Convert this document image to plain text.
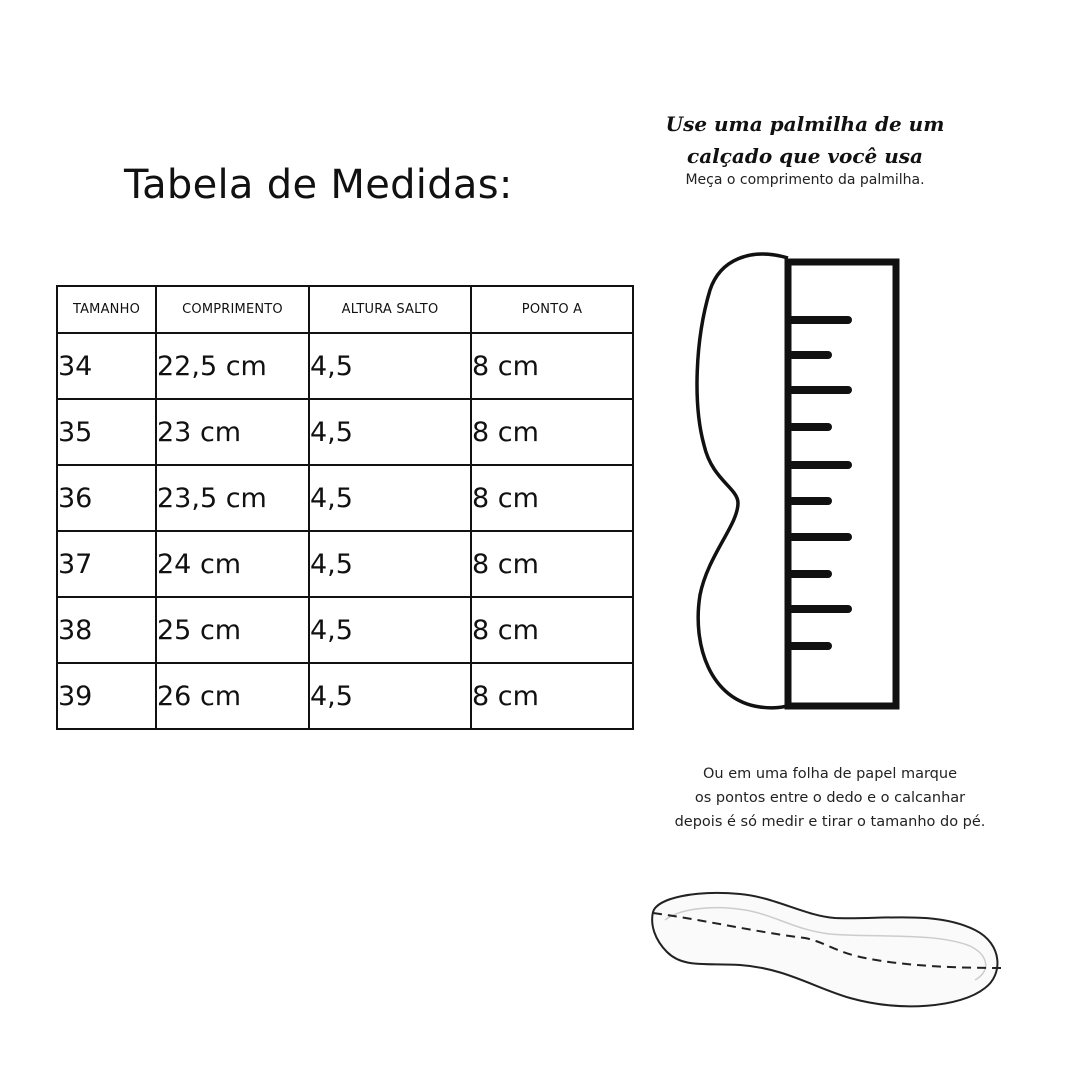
Tabela de Medidas:
TAMANHO	COMPRIMENTO	ALTURA SALTO	PONTO A
34	22,5 cm	4,5	8 cm
35	23 cm	4,5	8 cm
36	23,5 cm	4,5	8 cm
37	24 cm	4,5	8 cm
38	25 cm	4,5	8 cm
39	26 cm	4,5	8 cm
Use uma palmilha de um
calçado que você usa
Meça o comprimento da palmilha.
Ou em uma folha de papel marque
os pontos entre o dedo e o calcanhar
depois é só medir e tirar o tamanho do pé.
